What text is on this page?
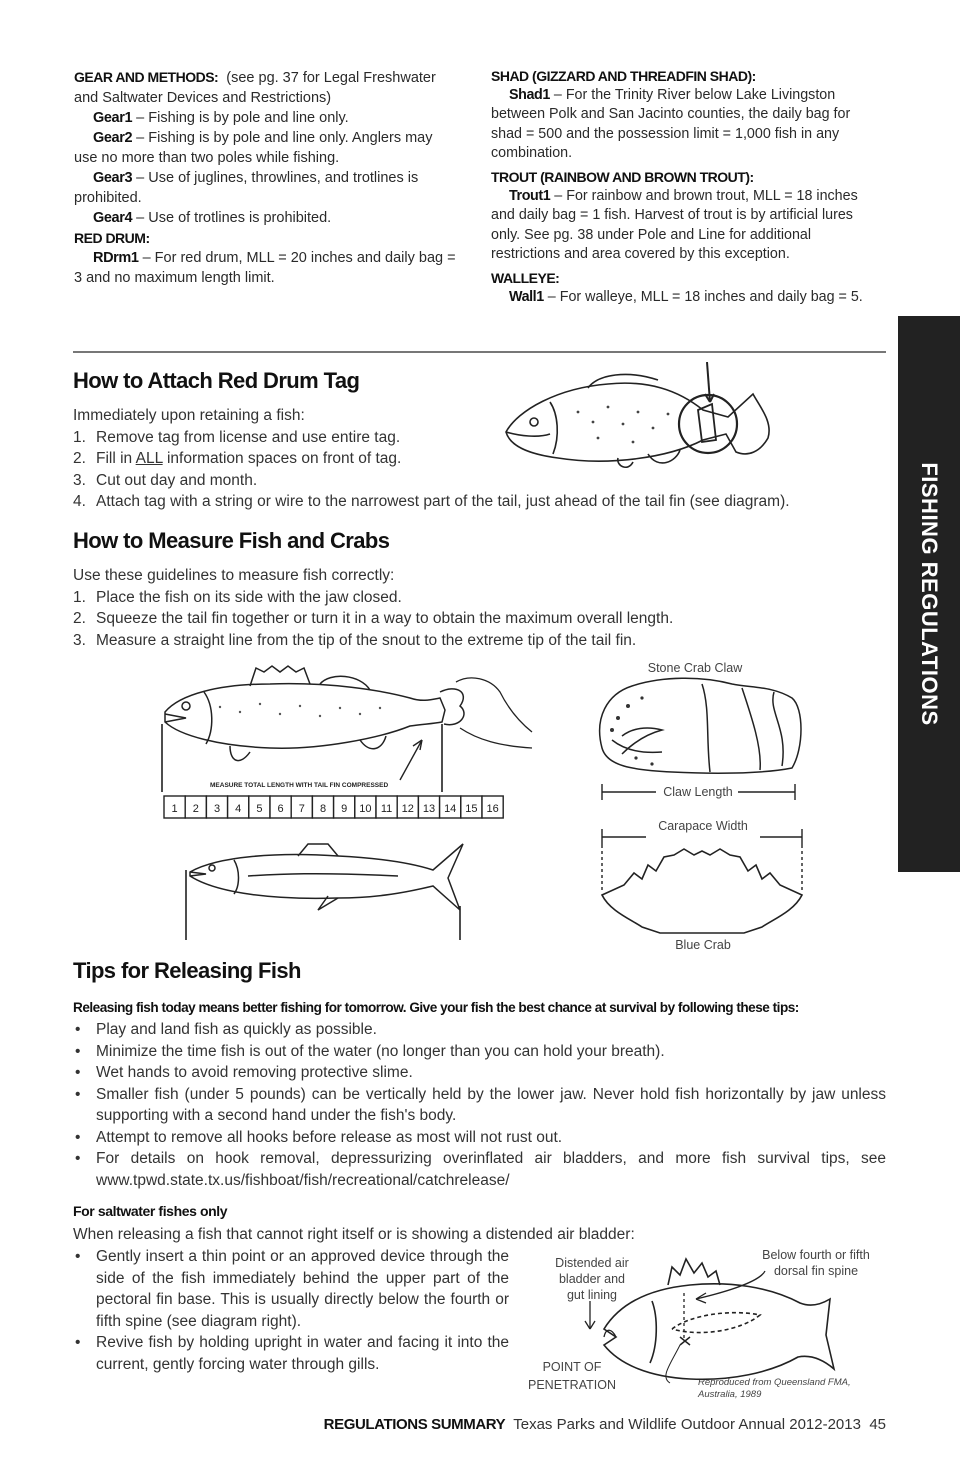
GEAR AND METHODS: (see pg. 37 for Legal Freshwater and Saltwater Devices and Restrictions)

Gear1 – Fishing is by pole and line only.

Gear2 – Fishing is by pole and line only. Anglers may use no more than two poles while fishing.

Gear3 – Use of juglines, throwlines, and trotlines is prohibited.

Gear4 – Use of trotlines is prohibited.

RED DRUM:

RDrm1 – For red drum, MLL = 20 inches and daily bag = 3 and no maximum length limit.

SHAD (GIZZARD AND THREADFIN SHAD):

Shad1 – For the Trinity River below Lake Livingston between Polk and San Jacinto counties, the daily bag for shad = 500 and the possession limit = 1,000 fish in any combination.

TROUT (RAINBOW AND BROWN TROUT):

Trout1 – For rainbow and brown trout, MLL = 18 inches and daily bag = 1 fish. Harvest of trout is by artificial lures only. See pg. 38 under Pole and Line for additional restrictions and area covered by this exception.

WALLEYE:

Wall1 – For walleye, MLL = 18 inches and daily bag = 5.

FISHING REGULATIONS
How to Attach Red Drum Tag

Immediately upon retaining a fish:

1. Remove tag from license and use entire tag.
2. Fill in ALL information spaces on front of tag.
3. Cut out day and month.
4. Attach tag with a string or wire to the narrowest part of the tail, just ahead of the tail fin (see diagram).
How to Measure Fish and Crabs

Use these guidelines to measure fish correctly:

1. Place the fish on its side with the jaw closed.
2. Squeeze the tail fin together or turn it in a way to obtain the maximum overall length.
3. Measure a straight line from the tip of the snout to the extreme tip of the tail fin.
MEASURE TOTAL LENGTH WITH TAIL FIN COMPRESSED
1 2 3 4 5 6 7 8 9 10 11 12 13 14 15 16
Stone Crab Claw
Claw Length
Carapace Width
Blue Crab
Tips for Releasing Fish
Releasing fish today means better fishing for tomorrow. Give your fish the best chance at survival by following these tips:
• Play and land fish as quickly as possible.
• Minimize the time fish is out of the water (no longer than you can hold your breath).
• Wet hands to avoid removing protective slime.
• Smaller fish (under 5 pounds) can be vertically held by the lower jaw. Never hold fish horizontally by jaw unless supporting with a second hand under the fish's body.
• Attempt to remove all hooks before release as most will not rust out.
• For details on hook removal, depressurizing overinflated air bladders, and more fish survival tips, see www.tpwd.state.tx.us/fishboat/fish/recreational/catchrelease/
For saltwater fishes only
When releasing a fish that cannot right itself or is showing a distended air bladder:
• Gently insert a thin point or an approved device through the side of the fish immediately behind the upper part of the pectoral fin base. This is usually directly below the fourth or fifth spine (see diagram right).
• Revive fish by holding upright in water and facing it into the current, gently forcing water through gills.
Distended air
bladder and
gut lining
Below fourth or fifth
dorsal fin spine
POINT OF
PENETRATION	Reproduced from Queensland FMA,
Australia, 1989
REGULATIONS SUMMARY Texas Parks and Wildlife Outdoor Annual 2012-2013 45
